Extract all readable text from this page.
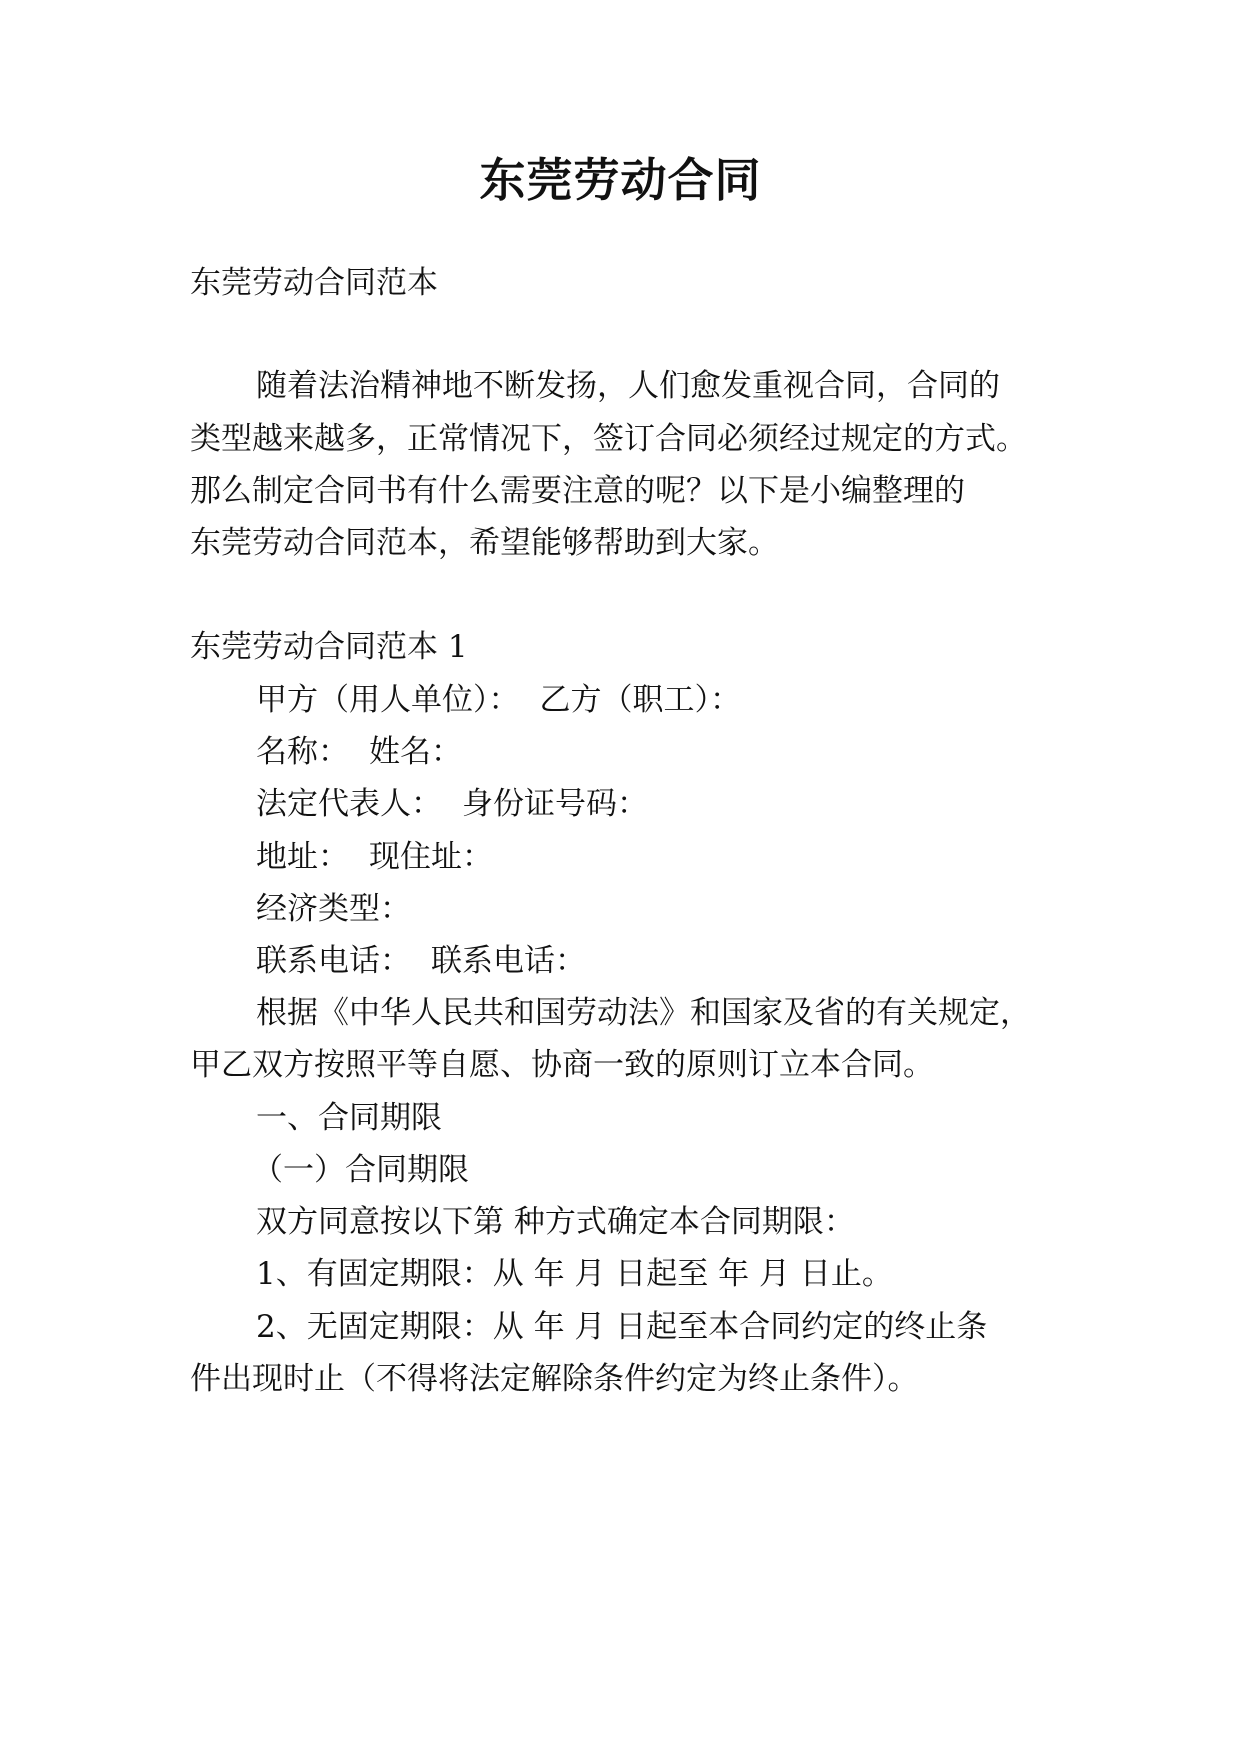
东莞劳动合同
东莞劳动合同范本
随着法治精神地不断发扬，人们愈发重视合同，合同的
类型越来越多，正常情况下，签订合同必须经过规定的方式。
那么制定合同书有什么需要注意的呢？以下是小编整理的
东莞劳动合同范本，希望能够帮助到大家。
东莞劳动合同范本 1
甲方（用人单位）： 乙方（职工）：
名称： 姓名：
法定代表人： 身份证号码：
地址： 现住址：
经济类型：
联系电话： 联系电话：
根据《中华人民共和国劳动法》和国家及省的有关规定，
甲乙双方按照平等自愿、协商一致的原则订立本合同。
一、合同期限
（一）合同期限
双方同意按以下第 种方式确定本合同期限：
1、有固定期限：从 年 月 日起至 年 月 日止。
2、无固定期限：从 年 月 日起至本合同约定的终止条
件出现时止（不得将法定解除条件约定为终止条件）。
